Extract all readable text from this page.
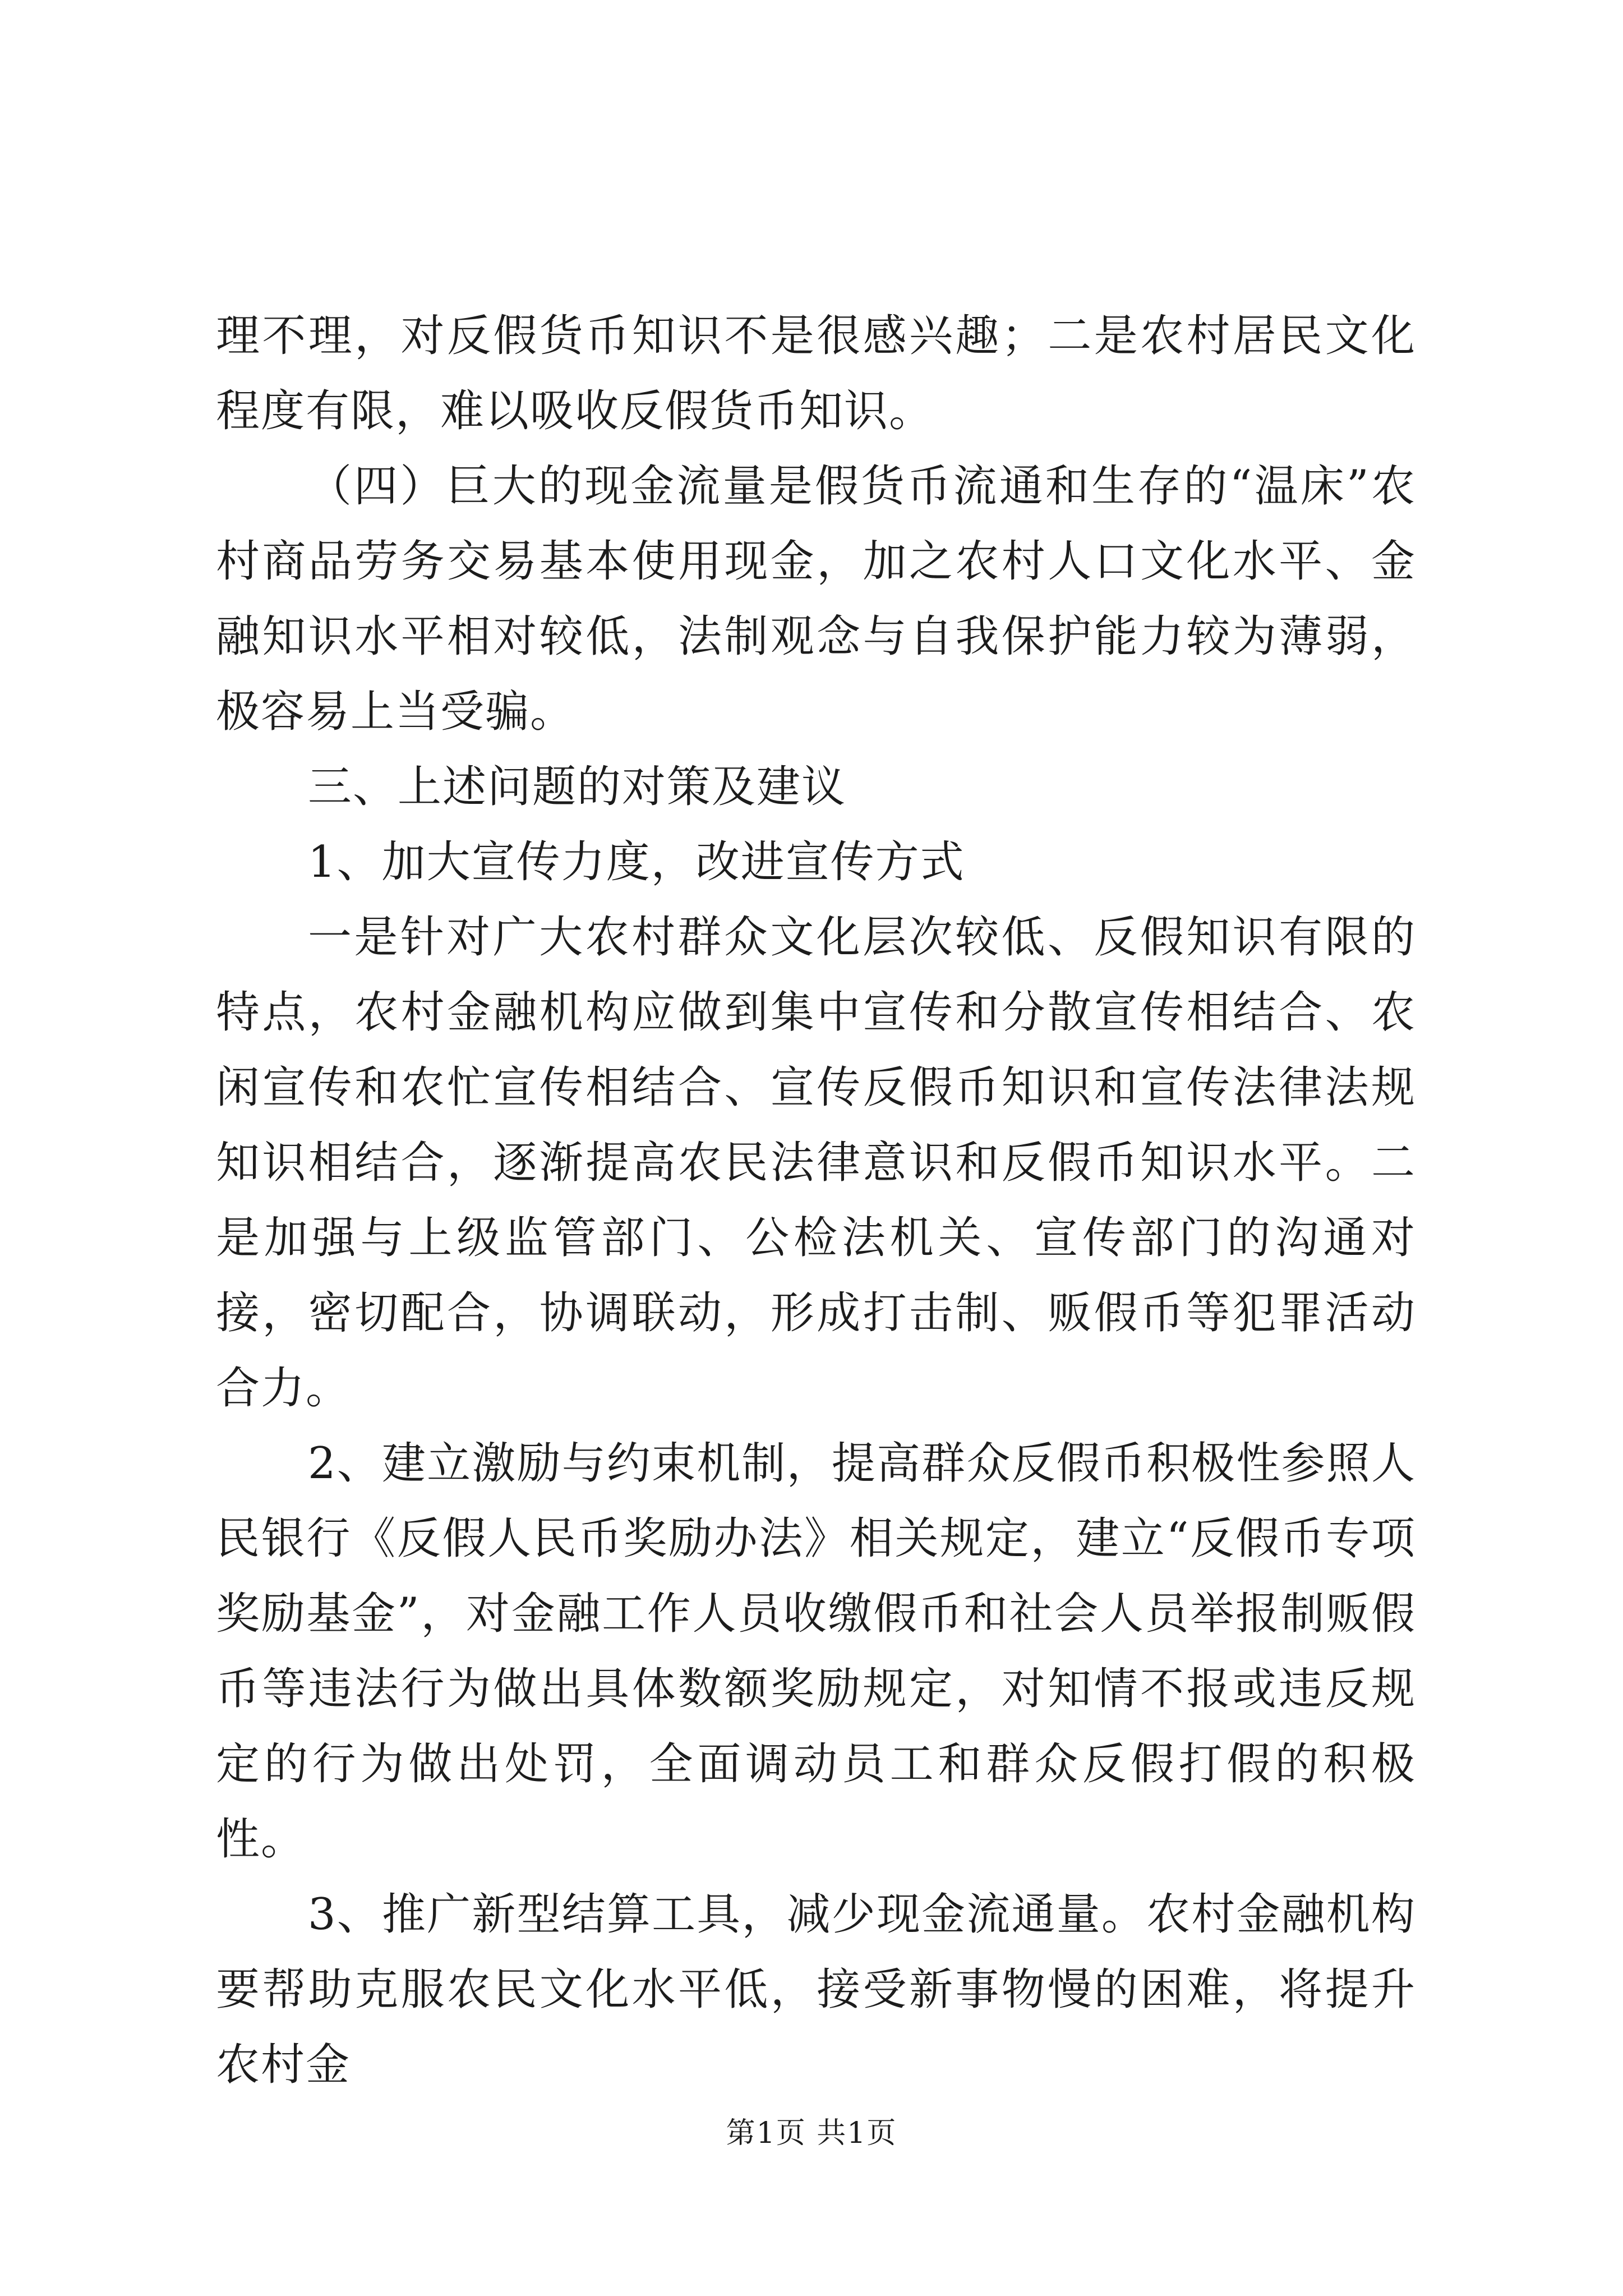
理不理，对反假货币知识不是很感兴趣；二是农村居民文化程度有限，难以吸收反假货币知识。

（四）巨大的现金流量是假货币流通和生存的“温床”农村商品劳务交易基本使用现金，加之农村人口文化水平、金融知识水平相对较低，法制观念与自我保护能力较为薄弱，极容易上当受骗。

三、上述问题的对策及建议

1、加大宣传力度，改进宣传方式

一是针对广大农村群众文化层次较低、反假知识有限的特点，农村金融机构应做到集中宣传和分散宣传相结合、农闲宣传和农忙宣传相结合、宣传反假币知识和宣传法律法规知识相结合，逐渐提高农民法律意识和反假币知识水平。二是加强与上级监管部门、公检法机关、宣传部门的沟通对接，密切配合，协调联动，形成打击制、贩假币等犯罪活动合力。

2、建立激励与约束机制，提高群众反假币积极性参照人民银行《反假人民币奖励办法》相关规定，建立“反假币专项奖励基金”，对金融工作人员收缴假币和社会人员举报制贩假币等违法行为做出具体数额奖励规定，对知情不报或违反规定的行为做出处罚，全面调动员工和群众反假打假的积极性。

3、推广新型结算工具，减少现金流通量。农村金融机构要帮助克服农民文化水平低，接受新事物慢的困难，将提升农村金

第1页 共1页
